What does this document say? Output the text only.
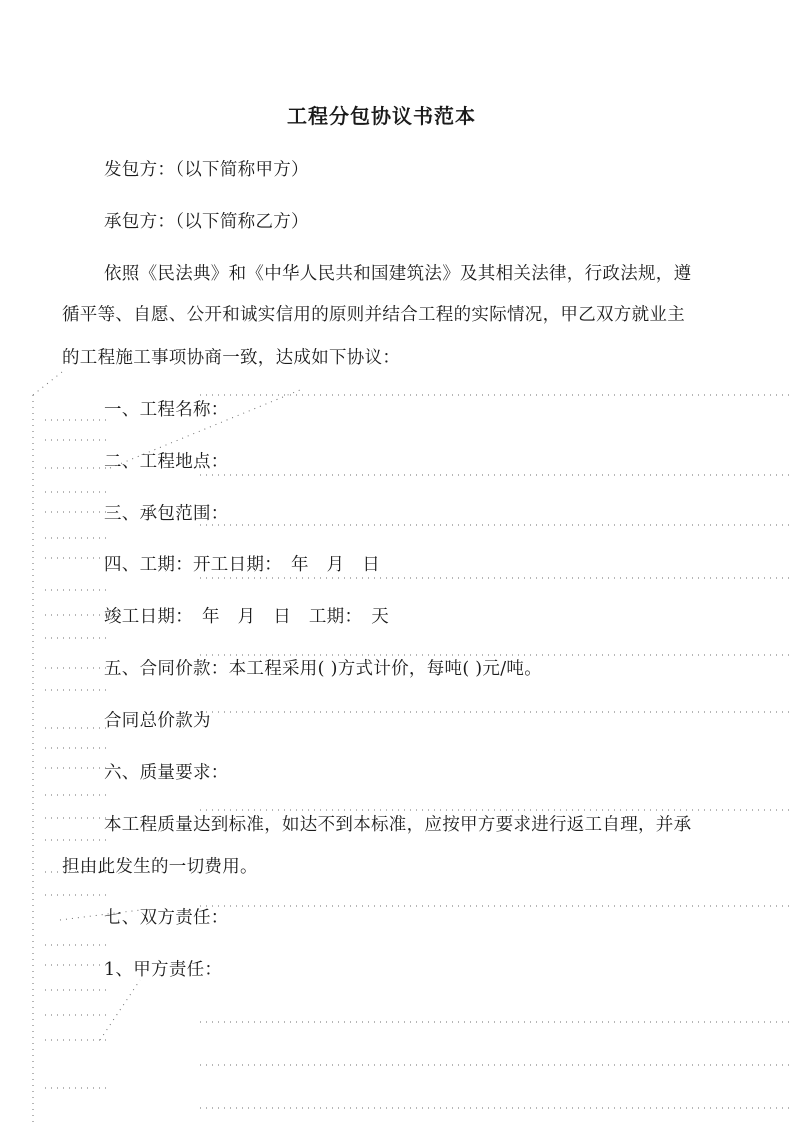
工程分包协议书范本

发包方：（以下简称甲方）

承包方：（以下简称乙方）

依照《民法典》和《中华人民共和国建筑法》及其相关法律，行政法规，遵

循平等、自愿、公开和诚实信用的原则并结合工程的实际情况，甲乙双方就业主

的工程施工事项协商一致，达成如下协议：

一、工程名称：

二、工程地点：

三、承包范围：

四、工期：开工日期：　年　月　日

竣工日期：　年　月　日　工期：　天

五、合同价款：本工程采用( )方式计价，每吨( )元/吨。

合同总价款为

六、质量要求：

本工程质量达到标准，如达不到本标准，应按甲方要求进行返工自理，并承

担由此发生的一切费用。

七、双方责任：

1、甲方责任：
